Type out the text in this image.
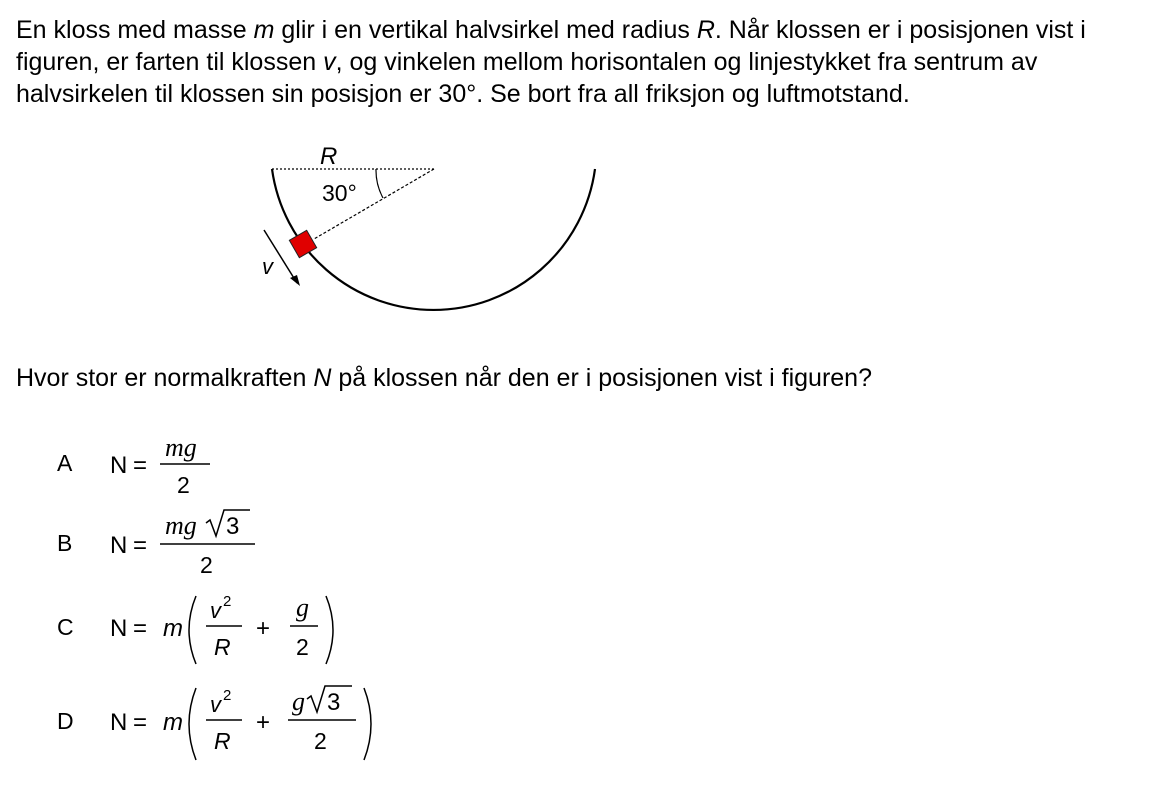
En kloss med masse m glir i en vertikal halvsirkel med radius R. Når klossen er i posisjonen vist i figuren, er farten til klossen v, og vinkelen mellom horisontalen og linjestykket fra sentrum av halvsirkelen til klossen sin posisjon er 30°. Se bort fra all friksjon og luftmotstand.

R
30°
v

Hvor stor er normalkraften N på klossen når den er i posisjonen vist i figuren?

A N =
mg
2
B N =
mg 3
2
C N = m
v 2
R
+
g
2
D N = m
v 2
R
+
g 3
2
